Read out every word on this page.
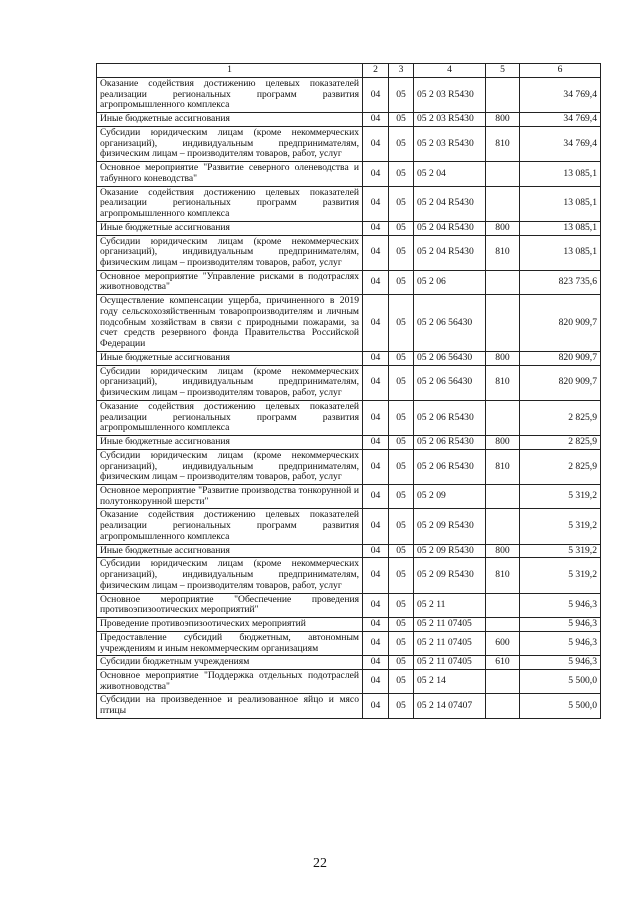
1	2	3	4	5	6
Оказание содействия достижению целевых показателей реализации региональных программ развития агропромышленного комплекса	04	05	05 2 03 R5430		34 769,4
Иные бюджетные ассигнования	04	05	05 2 03 R5430	800	34 769,4
Субсидии юридическим лицам (кроме некоммерческих организаций), индивидуальным предпринимателям, физическим лицам – производителям товаров, работ, услуг	04	05	05 2 03 R5430	810	34 769,4
Основное мероприятие "Развитие северного оленеводства и табунного коневодства"	04	05	05 2 04		13 085,1
Оказание содействия достижению целевых показателей реализации региональных программ развития агропромышленного комплекса	04	05	05 2 04 R5430		13 085,1
Иные бюджетные ассигнования	04	05	05 2 04 R5430	800	13 085,1
Субсидии юридическим лицам (кроме некоммерческих организаций), индивидуальным предпринимателям, физическим лицам – производителям товаров, работ, услуг	04	05	05 2 04 R5430	810	13 085,1
Основное мероприятие "Управление рисками в подотраслях животноводства"	04	05	05 2 06		823 735,6
Осуществление компенсации ущерба, причиненного в 2019 году сельскохозяйственным товаропроизводителям и личным подсобным хозяйствам в связи с природными пожарами, за счет средств резервного фонда Правительства Российской Федерации	04	05	05 2 06 56430		820 909,7
Иные бюджетные ассигнования	04	05	05 2 06 56430	800	820 909,7
Субсидии юридическим лицам (кроме некоммерческих организаций), индивидуальным предпринимателям, физическим лицам – производителям товаров, работ, услуг	04	05	05 2 06 56430	810	820 909,7
Оказание содействия достижению целевых показателей реализации региональных программ развития агропромышленного комплекса	04	05	05 2 06 R5430		2 825,9
Иные бюджетные ассигнования	04	05	05 2 06 R5430	800	2 825,9
Субсидии юридическим лицам (кроме некоммерческих организаций), индивидуальным предпринимателям, физическим лицам – производителям товаров, работ, услуг	04	05	05 2 06 R5430	810	2 825,9
Основное мероприятие "Развитие производства тонкорунной и полутонкорунной шерсти"	04	05	05 2 09		5 319,2
Оказание содействия достижению целевых показателей реализации региональных программ развития агропромышленного комплекса	04	05	05 2 09 R5430		5 319,2
Иные бюджетные ассигнования	04	05	05 2 09 R5430	800	5 319,2
Субсидии юридическим лицам (кроме некоммерческих организаций), индивидуальным предпринимателям, физическим лицам – производителям товаров, работ, услуг	04	05	05 2 09 R5430	810	5 319,2
Основное мероприятие "Обеспечение проведения противоэпизоотических мероприятий"	04	05	05 2 11		5 946,3
Проведение противоэпизоотических мероприятий	04	05	05 2 11 07405		5 946,3
Предоставление субсидий бюджетным, автономным учреждениям и иным некоммерческим организациям	04	05	05 2 11 07405	600	5 946,3
Субсидии бюджетным учреждениям	04	05	05 2 11 07405	610	5 946,3
Основное мероприятие "Поддержка отдельных подотраслей животноводства"	04	05	05 2 14		5 500,0
Субсидии на произведенное и реализованное яйцо и мясо птицы	04	05	05 2 14 07407		5 500,0
22
